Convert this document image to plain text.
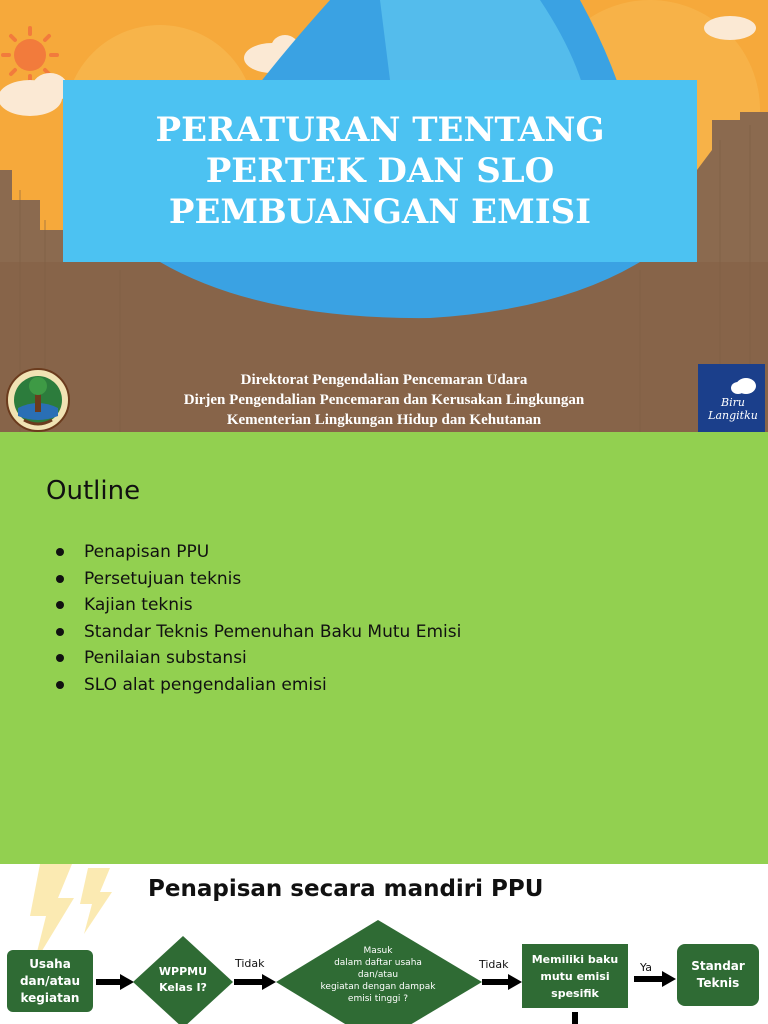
PERATURAN TENTANG
PERTEK DAN SLO
PEMBUANGAN EMISI
Direktorat Pengendalian Pencemaran Udara
Dirjen Pengendalian Pencemaran dan Kerusakan Lingkungan
Kementerian Lingkungan Hidup dan Kehutanan
Biru Langitku
Outline
Penapisan PPU
Persetujuan teknis
Kajian teknis
Standar Teknis Pemenuhan Baku Mutu Emisi
Penilaian substansi
SLO alat pengendalian emisi
Penapisan secara mandiri PPU
Usaha
dan/atau
kegiatan
WPPMU
Kelas I?
Tidak
Masuk
dalam daftar usaha
dan/atau
kegiatan dengan dampak
emisi tinggi ?
Tidak Memiliki baku
mutu emisi
spesifik
Ya	Standar
Teknis
